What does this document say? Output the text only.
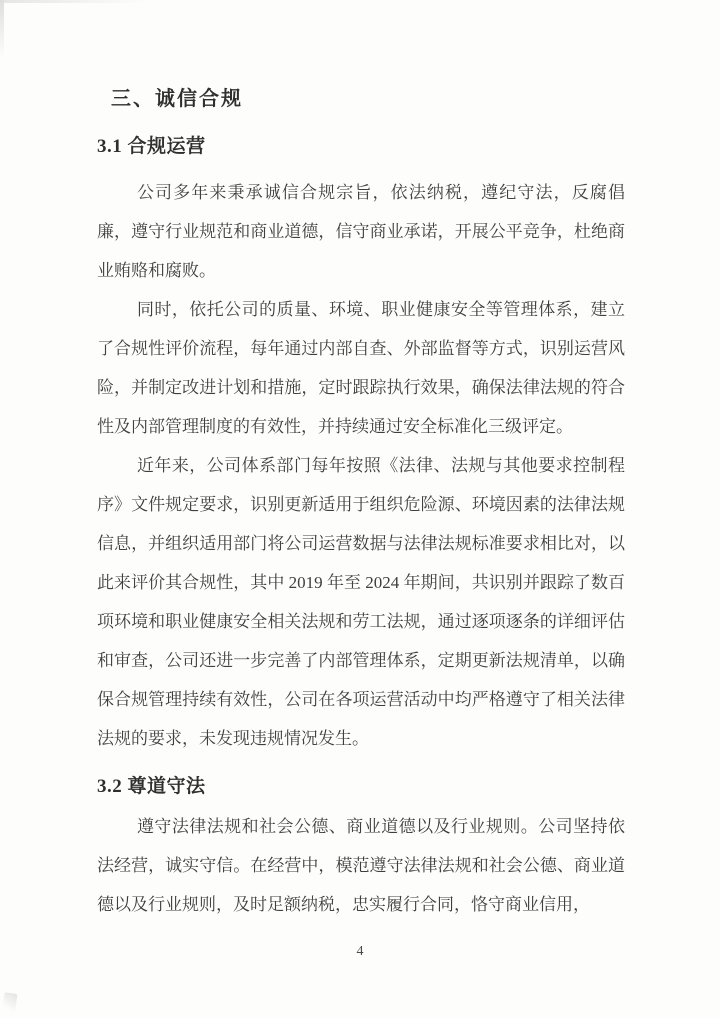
三、诚信合规
3.1 合规运营

公司多年来秉承诚信合规宗旨，依法纳税，遵纪守法，反腐倡廉，遵守行业规范和商业道德，信守商业承诺，开展公平竞争，杜绝商业贿赂和腐败。

同时，依托公司的质量、环境、职业健康安全等管理体系，建立了合规性评价流程，每年通过内部自查、外部监督等方式，识别运营风险，并制定改进计划和措施，定时跟踪执行效果，确保法律法规的符合性及内部管理制度的有效性，并持续通过安全标准化三级评定。

近年来，公司体系部门每年按照《法律、法规与其他要求控制程序》文件规定要求，识别更新适用于组织危险源、环境因素的法律法规信息，并组织适用部门将公司运营数据与法律法规标准要求相比对，以此来评价其合规性，其中 2019 年至 2024 年期间，共识别并跟踪了数百项环境和职业健康安全相关法规和劳工法规，通过逐项逐条的详细评估和审查，公司还进一步完善了内部管理体系，定期更新法规清单，以确保合规管理持续有效性，公司在各项运营活动中均严格遵守了相关法律法规的要求，未发现违规情况发生。

3.2 尊道守法

遵守法律法规和社会公德、商业道德以及行业规则。公司坚持依法经营，诚实守信。在经营中，模范遵守法律法规和社会公德、商业道德以及行业规则，及时足额纳税，忠实履行合同，恪守商业信用，

4
